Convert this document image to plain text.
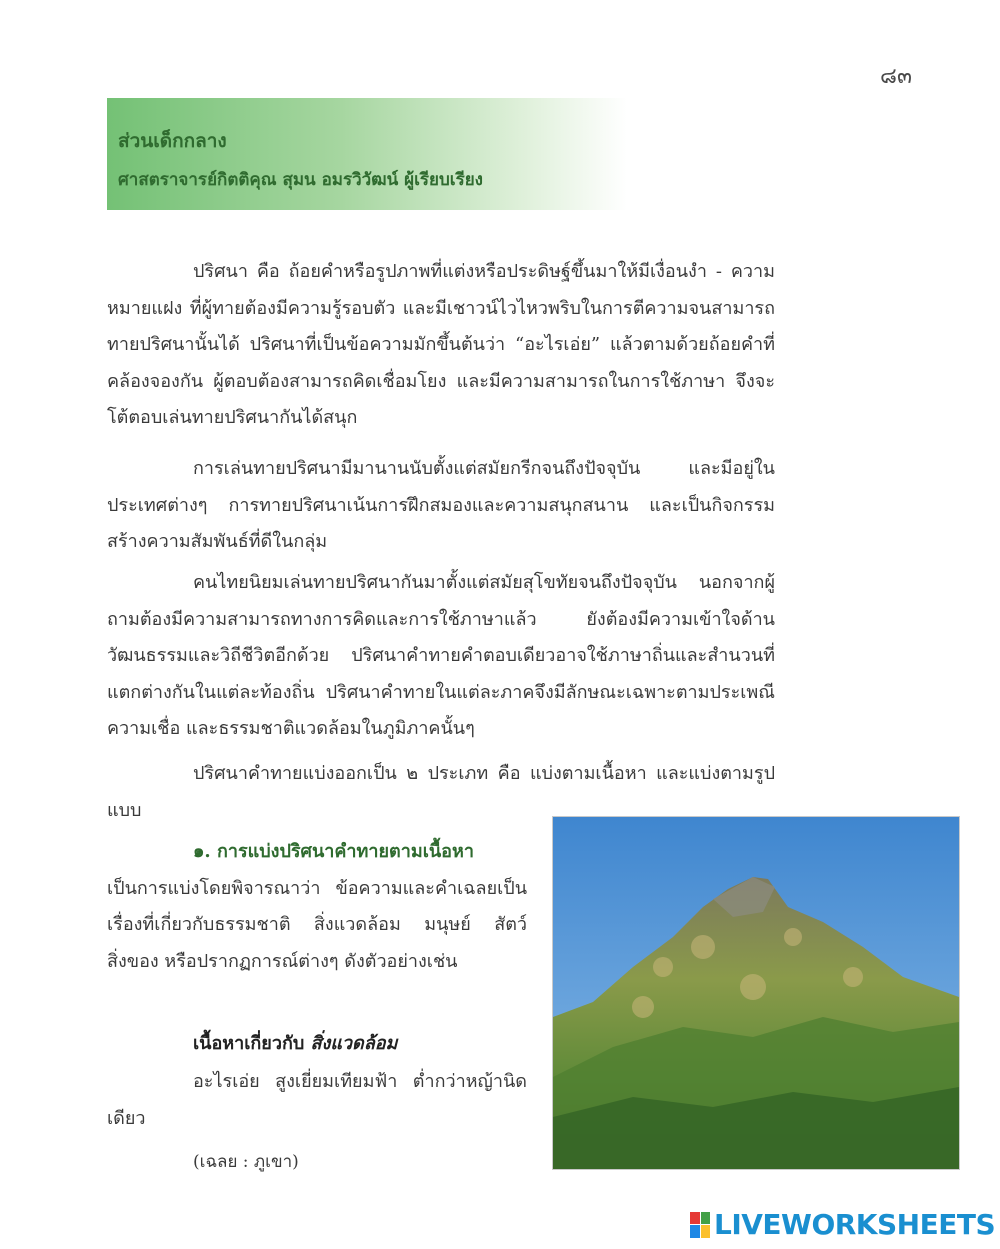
๘๓
ส่วนเด็กกลาง
ศาสตราจารย์กิตติคุณ สุมน อมรวิวัฒน์ ผู้เรียบเรียง
ปริศนา คือ ถ้อยคำหรือรูปภาพที่แต่งหรือประดิษฐ์ขึ้นมาให้มีเงื่อนงำ - ความหมายแฝง ที่ผู้ทายต้องมีความรู้รอบตัว และมีเชาวน์ไวไหวพริบในการตีความจนสามารถทายปริศนานั้นได้ ปริศนาที่เป็นข้อความมักขึ้นต้นว่า “อะไรเอ่ย” แล้วตามด้วยถ้อยคำที่คล้องจองกัน ผู้ตอบต้องสามารถคิดเชื่อมโยง และมีความสามารถในการใช้ภาษา จึงจะโต้ตอบเล่นทายปริศนากันได้สนุก
การเล่นทายปริศนามีมานานนับตั้งแต่สมัยกรีกจนถึงปัจจุบัน และมีอยู่ในประเทศต่างๆ การทายปริศนาเน้นการฝึกสมองและความสนุกสนาน และเป็นกิจกรรมสร้างความสัมพันธ์ที่ดีในกลุ่ม
คนไทยนิยมเล่นทายปริศนากันมาตั้งแต่สมัยสุโขทัยจนถึงปัจจุบัน นอกจากผู้ถามต้องมีความสามารถทางการคิดและการใช้ภาษาแล้ว ยังต้องมีความเข้าใจด้านวัฒนธรรมและวิถีชีวิตอีกด้วย ปริศนาคำทายคำตอบเดียวอาจใช้ภาษาถิ่นและสำนวนที่แตกต่างกันในแต่ละท้องถิ่น ปริศนาคำทายในแต่ละภาคจึงมีลักษณะเฉพาะตามประเพณี ความเชื่อ และธรรมชาติแวดล้อมในภูมิภาคนั้นๆ
ปริศนาคำทายแบ่งออกเป็น ๒ ประเภท คือ แบ่งตามเนื้อหา และแบ่งตามรูปแบบ
๑. การแบ่งปริศนาคำทายตามเนื้อหา
เป็นการแบ่งโดยพิจารณาว่า ข้อความและคำเฉลยเป็นเรื่องที่เกี่ยวกับธรรมชาติ สิ่งแวดล้อม มนุษย์ สัตว์ สิ่งของ หรือปรากฏการณ์ต่างๆ ดังตัวอย่างเช่น
เนื้อหาเกี่ยวกับ สิ่งแวดล้อม
อะไรเอ่ย สูงเยี่ยมเทียมฟ้า ต่ำกว่าหญ้านิดเดียว
(เฉลย : ภูเขา)
LIVEWORKSHEETS
